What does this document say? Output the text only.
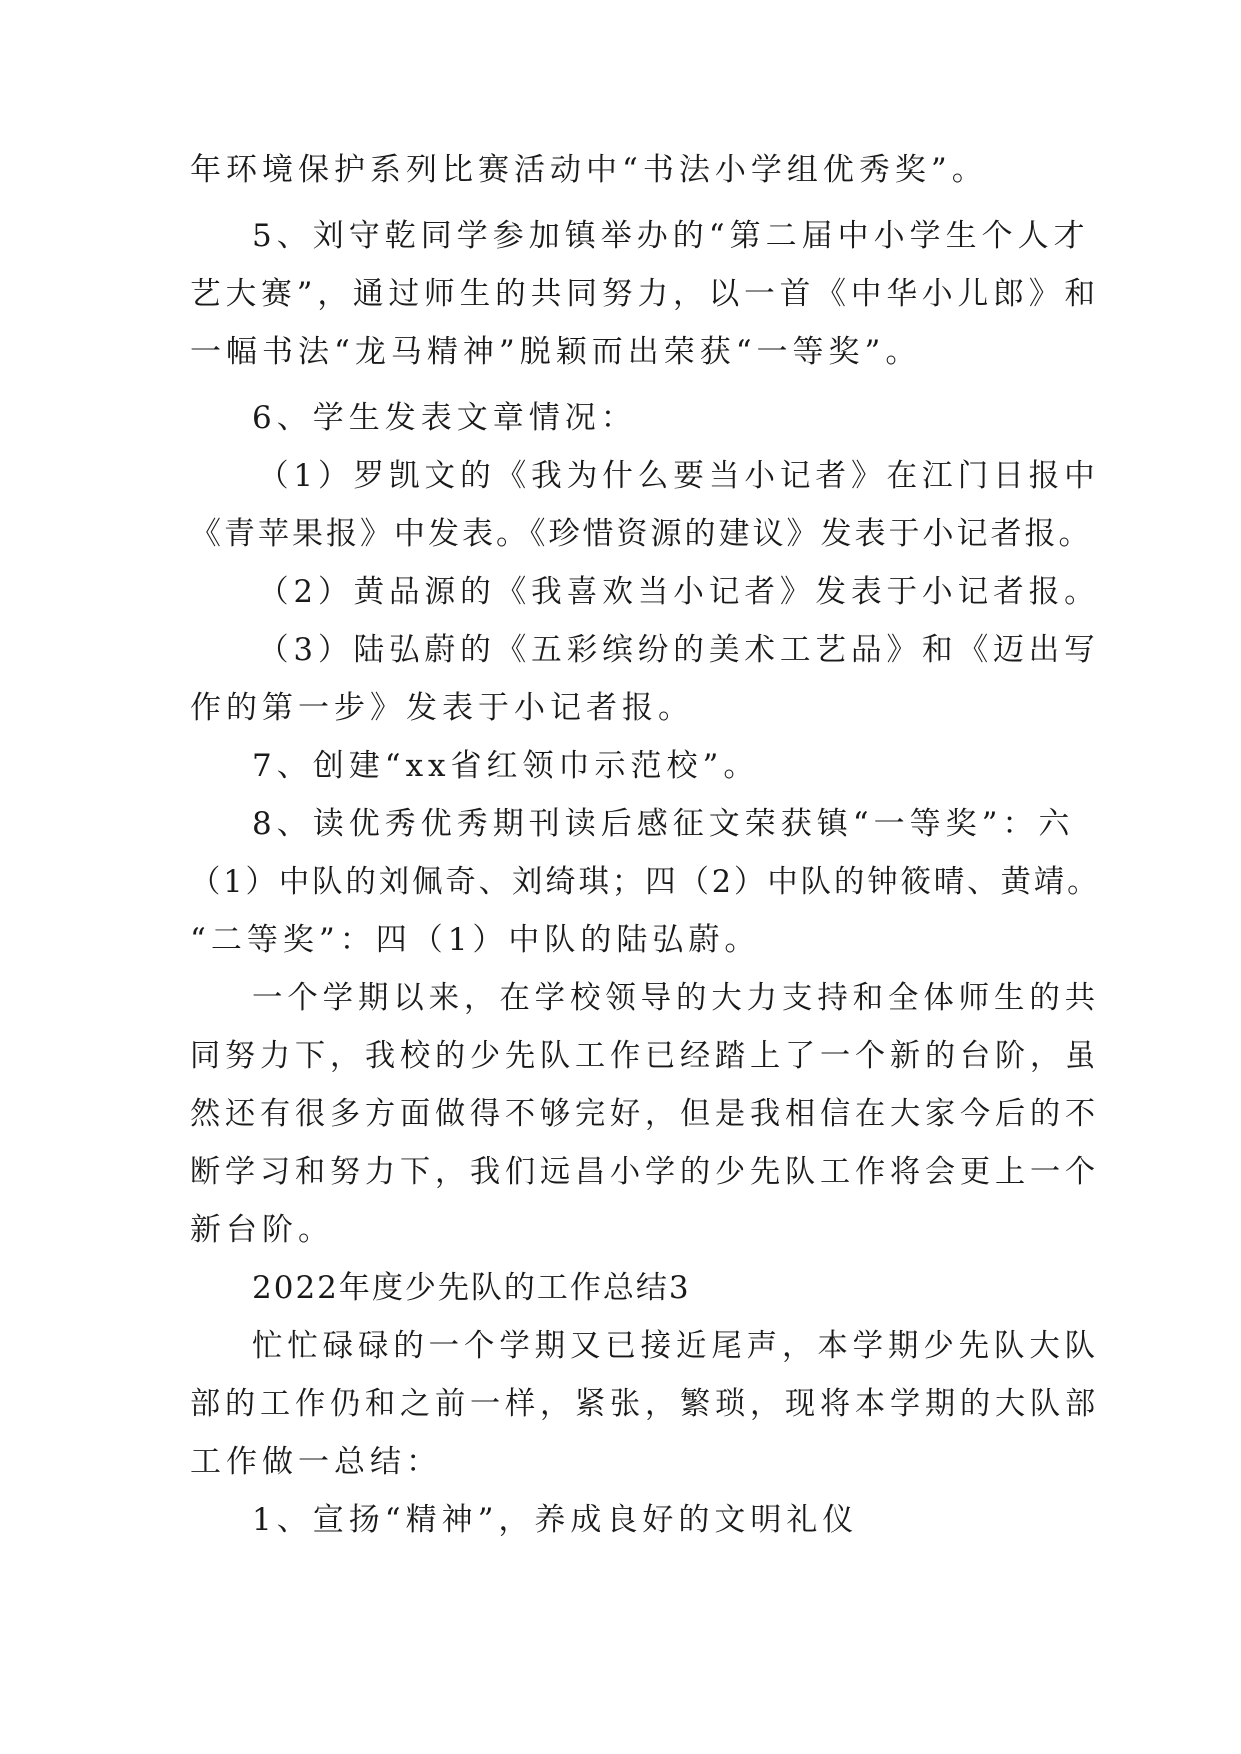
年环境保护系列比赛活动中“书法小学组优秀奖”。
5、刘守乾同学参加镇举办的“第二届中小学生个人才
艺大赛”，通过师生的共同努力，以一首《中华小儿郎》和
一幅书法“龙马精神”脱颖而出荣获“一等奖”。
6、学生发表文章情况：
（1）罗凯文的《我为什么要当小记者》在江门日报中
《青苹果报》中发表。《珍惜资源的建议》发表于小记者报。
（2）黄品源的《我喜欢当小记者》发表于小记者报。
（3）陆弘蔚的《五彩缤纷的美术工艺品》和《迈出写
作的第一步》发表于小记者报。
7、创建“xx省红领巾示范校”。
8、读优秀优秀期刊读后感征文荣获镇“一等奖”：六
（1）中队的刘佩奇、刘绮琪；四（2）中队的钟筱晴、黄靖。
“二等奖”：四（1）中队的陆弘蔚。
一个学期以来，在学校领导的大力支持和全体师生的共
同努力下，我校的少先队工作已经踏上了一个新的台阶，虽
然还有很多方面做得不够完好，但是我相信在大家今后的不
断学习和努力下，我们远昌小学的少先队工作将会更上一个
新台阶。
2022年度少先队的工作总结3
忙忙碌碌的一个学期又已接近尾声，本学期少先队大队
部的工作仍和之前一样，紧张，繁琐，现将本学期的大队部
工作做一总结：
1、宣扬“精神”，养成良好的文明礼仪
